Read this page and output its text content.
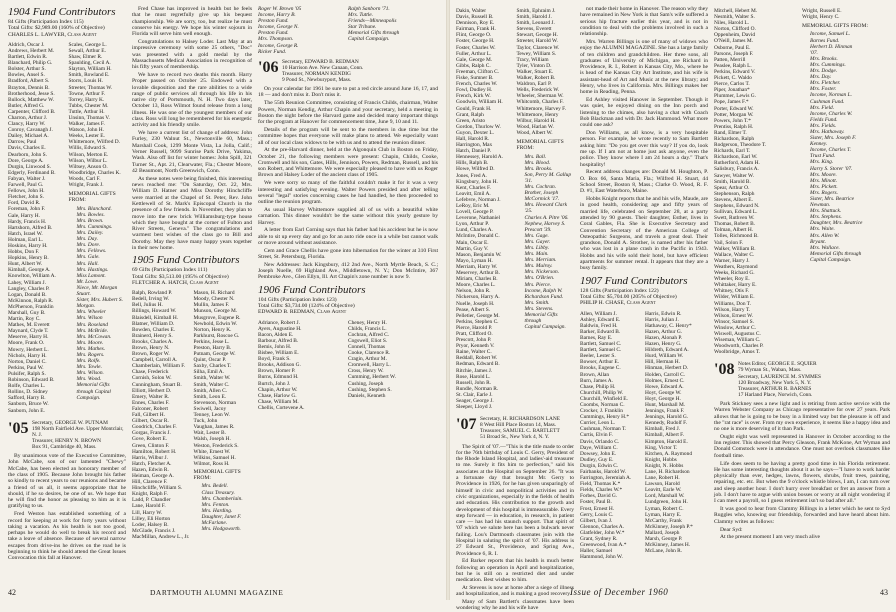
1904 Fund Contributors
84 Gifts (Participation Index 115)
Total Gifts: $2,989.00 (160% of Objective)
CHARLES L. LAWYER, Class Agent
Aldrich, Oscar J.
Andrews, Herbert M.
Bartlett, Edwin R.
Blanchard, Philip G.
Bolster, Arthur S.
Bowles, Ansel S.
Bradford, Albert S.
Brayton, Dennis B.
Brotherhood, Jesse S.
Bullock, Matthew W.
Butler, Alfred G.
Carpenter, Clifford B.
Charron, Arthur J.
Clancy, Harry W.
Conroy, Cavanagh J.
Dailey, Michael A.
Darrow, Paul
Davis, Charles E.
Dearborn, John S.
Dore, George A.
Durgin, Linwood S.
Edgerly, Ferdinand B.
Fabyan, Walter J.
Farwell, Paul G.
Fellows, John H.
Fletcher, John S.
Ford, David R.
Foreman, John F.
Gale, Harry H.
Hardy, Francis H.
Hartshorn, Alfred B.
Hatch, Israel W.
Holman, Earl L.
Hoskins, Harry H.
Hobbs, Don F.
Hopkins, Henry B.
Hunt, Albert W.
Kimball, George A.
Knowlton, William A.
Lahey, William J.
Langley, Charles P.
Logan, Donald B.
McKinnon, Ralph R.
McPherson, Franklin
Marshall, Guy B.
Martin, Roy C.
Mathes, M. Everett
Maynard, Clyde T.
Meserve, Harry H.
Moore, Frank O.
Mowry, Herbert L.
Nichols, Harry H.
Norton, Daniel C.
Perkins, Paul W.
Pulsifer, Ralph S.
Robinson, Edward B.
Rolfe, Charles L.
Rollins, D. Sidney
Safford, Harry B.
Sanborn, Bruce W.
Sanborn, John E.
Scales, George L.
Sewall, Arthur E.
Shaw, Elmer R.
Spaulding, Cecil A.
Slayton, William H.
Smith, Rowland E.
Storrs, Louis H.
Streeter, Thomas W.
Towne, Arthur F.
Torrey, Harry K.
Tubbs, Chester M.
Tuttle, Arthur H.
Unsinn, Thomas V.
Walker, James F.
Watson, John H.
Weeks, Lester E.
Whittemore, Wilfred D.
Willis, Edward S.
Wilson, Merton E.
Wilson, Wilbur L.
Wiltsey, Anson O.
Woodbridge, Charles K.
Woods, Carl F.
Wright, Frank J.
MEMORIAL GIFTS FROM:
Mrs. Blanchard.
Mrs. Bowles.
Mrs. Brown.
Mrs. Cummings.
Mrs. Dailey.
Mrs. Day.
Mrs. Dore.
Mrs. Fellows.
Mrs. Gale.
Mrs. Hall.
Mrs. Hastings.
Miss Lamont.
Mr. Lowe.
Niece, Mr. Morgan
Stuart.
Sister, Mrs. Hubert S.
Morgan.
Mrs. Wheeler
Mrs. Wilson
Mrs. Roseland
Mrs. McBride.
Mrs. McCowan.
Mrs. Moore.
Mrs. Mathes.
Mrs. Rogers.
Mrs. Rolfe.
Mrs. Towle.
Mrs. Wilson.
Mrs. Wood.
Memorial Gifts through Capital Campaign.
'05 Secretary, GEORGE W. PUTNAM
198 North Fairfield Ave. Upper Montclair, N. J.
Treasurer, HENRY N. BROWN
Box 91, Cambridge 40, Mass.

By unanimous vote of the Executive Committee, John McCabe, son of our lamented "Chewy" McCabe, has been elected an honorary member of the class of 1905. Because John brought his father so kindly to recent years to our reunions and became a friend of us all, it seems appropriate that he should, if he so desires, be one of us. We hope that he will find the honor as pleasing to him as it is gratifying to us.

Fred Weston has established something of a record for keeping at work for forty years without taking a vacation. As his health is not too good, perhaps he would do well to break his record and take a leave of absence. Because of several narrow escapes from drive-ins he drives on the road he is beginning to think he should attend the Great Issues Convocation this fall at Hanover.

Fred Chase has improved in health but he feels that he must regretfully give up his bequest championship. We are sorry, too, but realize he must conserve his energy. We hope his winter sojourn in Florida will serve him well enough.

Congratulations to Halsey Loder. Last May at an impressive ceremony with some 25 others, "Doc" was presented with a gold medal by the Massachusetts Medical Association in recognition of his fifty years of membership.

We have to record two deaths this month. Harry Proper passed on October 25. Endowed with a lovable disposition and the rare abilities to a wide range of public services all through his life in his native city of Portsmouth, N. H. Two days later, October 13, Ross Wilmot found release from a long illness. He was one of the youngest members of our class. Ross will long be remembered for his energetic activity and his friendly smile.

We have a current list of change of address: John Furley, 230 Walnut St., Newtonville 60, Mass.; Marshall Cook, 1299 Monte Vista, La Jolla, Calif.; Verner Russell, 9099 Sunrise Park Drive, Yakima, Wash. Also off list for winter homes: John Spill, 321 Turner St., Apt. 21, Clearwater, Fla.; Chester Moore, 42 Beaumont, North Greenwich, Conn.

As these notes were being finished, this interesting news reached me: "On Saturday, Oct. 22, Mrs. William D. Hatner and Miss Dorothy Hinchcliffe were married at the Chapel of St. Peter, Rev. John Kettlewell of St. Mark's Episcopal Church in the presence of a few friends. In November, they plan to move into the new brick Williamsburg-type house which they have bought at the corner of Fulton and River Streets, Geneva." The congratulations and warmest best wishes of the class go to Bill and Dorothy. May they have many happy years together in their new home.

1905 Fund Contributors
69 Gifts (Participation Index 111)
Total Gifts: $3,513.00 (195% of Objective)
FLETCHER A. HATCH, Class Agent
Balph, Rowland P.
Bedell, Irving W.
Bell, Julius H.
Billings, Howard W.
Blaisdell, Kimball H.
Blatner, William D.
Bowden, Charles E.
Brainerd, Henry S.
Brooks, Charles A.
Brown, Henry N.
Brown, Roger W.
Campbell, Carroll A.
Chamberlain, William F.
Chase, Frederick
Cornish, Solon W.
Cunningham, Stuart B.
Elliott, Herbert D.
Emery, Walter R.
Ennes, Charles F.
Falconer, Robert
Fall, Gilbert H.
Gilbert, Oscar R.
Goodrich, Charles F.
Gorgas, Francis J.
Gove, Robert E.
Green, Clinton F.
Hamilton, Robert H.
Harris, Wilbur J.
Hatch, Fletcher A.
Hazen, Edwin R.
Heiman, George A.
Hill, Clarence F.
Hinchcliffe, William S.
Knight, Ralph F.
Ladd, P. Chandler
Lane, Harold F.
Lill, Harry W.
Lilley, Eli Horton
Loder, Halsey B.
McGlade, Francis J.
MacMillan, Andrew L., Jr.
Mason, H. Richard
Moody, Chester N.
Mullin, James F.
Munson, George M.
Musgrove, Eugene R.
Newbold, Edwin W.
Norton, Henry K.
Parkhurst, Roscoe G.
Perkins, Jesse L.
Preston, Harry B.
Putnam, George W.
Quint, Oscar P.
Saxby, Charles T.
Silha, Emil A.
Smith, Walter W.
Smith, Walter C.
Smith, Allen C.
Smith, Leon E.
Stevenson, Norman
Swiwell, Jacoy
Tenney, Leon W.
Tuck, John
Vaughan, James R.
Wait, Lester B.
Walsh, Joseph H.
Weston, Frederick S.
White, Ernest W.
Wilkins, Samuel H.
Wilmot, Ross H.
MEMORIAL GIFTS FROM:
Mrs. Bedell.
Class Treasury.
Mrs. Chamberlain.
Mrs. Fenton.
Mrs. Harding.
Daughter, Janet F.
McFarlane.
Mrs. Hodgsworth.
Roger W. Brown '05
Income, Harry B.
Preston Fund.
Income, George N.
Preston Fund.
Mrs. Thompson.
Income, George R.
Ricker Fund.
Ralph Sanborn '71.
Mrs. Tuttle.
Friends—Minneapolis
Star Tribune.
Memorial Gifts through
Capital Campaign.
'06 Secretary, EDWARD B. REDMAN
10 Harrison Ave. New Canaan, Conn.
Treasurer, NORMAN KENDIG
9 Pond St., Newburyport, Mass.

On your calendar for 1961 be sure to put a red circle around June 16, 17, and 18 — and don't miss it. Don't miss it.

The 55th Reunion Committee, consisting of Francis Childs, chairman, Walter Powers, Norman Kendig, Arthur Chapin and your secretary, held a meeting in Boston the night before the Harvard game and decided many important things for the program at Hanover for commencement time, June 9, 10 and 11.

Details of the program will be sent to the members in due time but the committee hopes that everyone will make plans to attend. We especially want all of our local class widows to be with us and to attend the reunion dinner.

At the pre-Harvard dinner, held at the Algonquin Club in Boston on Friday, October 21, the following members were present: Chapin, Childs, Cooke, Cromwell and his son, Gates, Hills, Jennison, Powers, Redman, Russell, and his son Robert, and Whittemore. We were especially pleased to have with us Roger Brown and Halsey Loder of the ancient class of 1905.

We were sorry so many of the faithful couldn't make it for it was a very interesting and satisfying evening. Walter Powers presided and after telling several "legal" stories concerning cases he had handled, he then proceeded to outline the reunion program.

As usual Harvey Whittemore supplied all of us with a beautiful white carnation. This dinner wouldn't be the same without this yearly gesture by Harvey.

A letter from Earl Corning says that his father had his accident but he is now able to sit up every day and go for an auto ride once in a while but cannot walk or move around without assistance.

Cem and Grace Chellis have gone into hibernation for the winter at 310 First Street, St. Petersburg, Florida.

New Addresses: Jack Kingsbury, 412 2nd Ave., North Myrtle Beach, S. C.; Joseph Nuelle, 69 Highland Ave., Middletown, N. Y.; Don McIntire, 367 Pembroke Ave., Glen Ellyn, Ill. Art Chapin's zone number is now 9.

1906 Fund Contributors
104 Gifts (Participation Index 123)
Total Gifts: $3,734.00 (124% of Objective)
EDWARD B. REDMAN, Class Agent
Adriance, Robert J.
Ayers, Augustine H.
Bacon, Alden E.
Barbour, Alfred B.
Bemis, John H.
Bisbee, William E.
Boyd, Frank S.
Brooks, Addison G.
Brown, Homer P.
Burns, Edmund H.
Burtch, John J.
Chapin, Arthur W.
Chase, Harlow G.
Chase, William M.
Chellis, Cortevene A.
Cheney, Henry H.
Childs, Francis L.
Cochran, Alfred C.
Cogswell, Eliot S.
Connell, Thomas
Cooke, Clarence R.
Cragin, Arthur M.
Cromwell, Harry L.
Cross, Henry W.
Cumming, Herbert W.
Cushing, Joseph
Cushing, Stephen S.
Daniels, Kenneth
42	DARTMOUTH ALUMNI MAGAZINE
Dakin, Walter
Davis, Russell B.
Dennison, Roy E.
Fairman, Frank H.
Flint, George O.
Foster, George H.
Foster, Charles W.
Fuller, Arthur L.
Gale, George M.
Gibbs, Ralph C.
Freeman, Clifton C.
Fiske, Sumner B.
French, Charles W.
Fowl, Dudley H.
French, Kirk W.
Goodwin, William H.
Gould, Frank H.
Grant, Ralph
Green, Aristo
Gordon, Thurlow W.
Guyon, Dexter L.
Hall, Harold R.
Harrington, Max
Hatch, Daniel P.
Hennessey, Harold A.
Hills, Ralph B.
Howe, Wilfred D.
Jones, Fred A.
Kingsbury, John H.
Kent, Charles F.
Leavitt, Emil A.
Lefebvre, Norman J.
LeRoy, Eric M.
Lovell, George P.
Leverone, Nathaniel
Lyon, Arthur P.
Lund, Charles A.
McIntire, Donald C.
Main, Oscar E.
Martin, Guy V.
Mason, Benjamin W.
Mayo, Lyman H.
Merriam, Harry W.
Meservey, Arthur B.
Miriam, Charles B.
Moore, Charles L.
Nelson, John R.
Nickerson, Harry A.
Nuelle, Joseph H.
Pease, Albert S.
Pelletier, George M.
Perkins, Stephen C.
Pierce, Harold P.
Pratt, Clifford O.
Prescott, John P.
Pryor, Kenneth V.
Raine, Walter C.
Reddall, Robert W.
Redman, Edward B.
Ritchie, James J.
Rose, Harold L.
Russell, John R.
Rundle, Norman R.
St. Clair, Earle J.
Seager, George J.
Sleeper, Lloyd J.
Smith, Ephraim J.
Smith, Harold J.
Smith, Leonard J.
Stevens, Everett
Stewart, George H.
Streeter, Harold W.
Taylor, Clarence W.
Tewey, William S.
Tracy, William
Tyler, Vinton D.
Walker, Stuart E.
Walker, Robert B.
Waldron, Earl P.
Wells, Frederick W.
Wheeler, Sherman W.
Whitcomb, Charles F.
Whittemore, Harvey F.
Whittemore, Henry
Wilbur, Harold H.
Wood, Harlan W.
Wood, Albert W.
MEMORIAL GIFTS FROM:
Mrs. Ball.
Mrs. Blood.
Mrs. Brooks.
Son, Perry M. Gallup
'31.
Mrs. Cochran.
Brother, Joseph
McCormick '17.
Mrs. Howard Clark
'25.
Charles A. Pitre '06.
Nephew, Harvey S.
Prescott '39.
Mrs. Gage.
Mrs. Gayer.
Mrs. Libby.
Mrs. Main.
Mrs. Merriam.
Mrs. Mulroy.
Mrs. Nickerson.
Mrs. O'Brien.
Mrs. Pierce.
Income, Ralph W.
Richardson Fund.
Mrs. Smith.
Mrs. Stevens.
Memorial Gifts through
Capital Campaign.
'07 Secretary, H. RICHARDSON LANE
8 West Hill Place Boston 14, Mass.
Treasurer, SAMUEL C. BARTLETT
51 Broad St., New York 4, N. Y.

The Spirit of '07.—"This is the title made to order for the 76th birthday of Louis C. Gerry, President of the Rhode Island Hospital, and ladies'-aid treasurer to me. Surely it fits him to perfection," said his associates at the Hospital on September 26. "It was a fortunate day that brought Mr. Gerry to Providence in 1926, for he has given unsparingly of himself in civic and nonpolitical activities and in civic organizations, especially in the fields of health and education. His contribution to the growth and development of this hospital is immeasurable. Every step forward — in education, in research, in patient care — has had his staunch support. That spirit of '07 which we salute here has been a bulwark never failing. Lou's Dartmouth classmates join with the Hospital in saluting the spirit of '07. His address is 27 Edward St., Providence, and Spring Ave., Providence 6, R. I.

Ed Barker reports that his health is much better following an operation in April and hospitalization, but he is still on a restricted diet and under medication. Best wishes to him.

At Stevens is now at home after a siege of illness and hospitalization, and is making a good recovery.

Many of Sam Bartlett's classmates have been wondering why he and his wife have

not made their home in Hanover. The reason why they have remained in New York is that Sam's wife suffered a serious hip fracture earlier this year, and is not in condition to deal with the problems involved in such a relationship.

Mrs. Warren Billings is one of many of widows who enjoy the ALUMNI MAGAZINE. She has a large family of ten children and grandchildren. Her three sons, all graduates of University of Michigan, are Richard in Providence, R. I., Robert in Kansas City, Mo., where he is head of the Kansas City Art Institute, and his wife is assistant-head of Art and Music at the new library; and Henry, who lives in California. Mrs. Billings makes her home in Reading, Penna.

Ed Ashley visited Hanover in September. Though it was quiet, he enjoyed dining on the Inn porch and listening to the chimes, also having a chat with Coach Bob Blackman and with Dr. Jack Hammond. What more could one ask?

Don Williams, as all know, is a very hospitable person. For example, he wrote recently to Sam Bartlett asking him: "Do you get over this way? If you do, look me up. If I am not at home just ask anyone, even the police. They know where I am 24 hours a day." That's hospitality!

Recent address changes are: Donald M. Houghton, P. O. Box 66, Santa Maria, Fla.; Wilfred H. Stuart, 44 School Street, Boston 8, Mass.; Clarke O. Wood, R. F. D. #1, East Waterboro, Maine.

Hobbs Knight reports that he and his wife, Maude, are in good health, considering age and fifty years of married life, celebrated on September 28, at a party attended by 90 guests. Their daughter, Esther, lives in Coral Gables, Fla. She is Executive Secretary and Convention Secretary of the American College of Osteopathic Surgeons, and travels a great deal. Their grandson, Donald A. Strother, is named after his father who was lost in a plane crash in the Pacific in 1943. Hobbs and his wife sold their hotel, but have efficient apartments for summer rental. It appears that they are a busy family.

1907 Fund Contributors
128 Gifts (Participation Index 122)
Total Gifts: $5,704.00 (205% of Objective)
PHILIP H. CHASE, Class Agent
Allen, William J.
Ashley, Edward E.
Baldwin, Fred H.
Barker, Edward B.
Barnes, Ray E.
Bartlett, Samuel C.
Bartlett, Samuel C.
Beeler, Lester S.
Bowser, Arthur E.
Brooks, Eugene C.
Brown, Allan
Burn, James A.
Chase, Philip H.
Churchill, Philip W.
Churchill, Winfield E.
Coombs, Norman C.
Crocker, J. Franklin
Cummings, Henry H.*
Currier, Leon L.
Cushman, Norman T.
Curtis, Elvin F.
Davis, Orlando C.
Daye, William C.
Dowsey, John E.
Dudley, Guy E.
Durgin, Edwin C.
Fairbanks, Harold W.
Farrington, Jeremiah A.
Field, Thomas K.*
Fields, Charles W.*
Forbes, David G.
Foster, Paul B.
Frost, Ernest H.
Gerry, Louis C.
Gilbert, Ivan J.
Glennon, Charles A.
Glatfelder, John W.*
Grant, Sydney R.
Greenwood, Ivan A.*
Haller, Samuel
Hammond, John W.
Harris, Edwin R.
Harris, Julian J.
Hathaway, C. Henry*
Hazen, Arthur G.
Hazen, Alonah P.
Hazen, Henry G.
Hildreth, Edward A.
Hurd, William W.
Hill, Herman H.
Hinman, Herbert D.
Holden, Carroll C.
Holmes, Ernest C.
Howe, Edward A.
Hoyt, George W.
Hoyt, George H.
Hunt, Marshall M.
Jennings, Frank F.
Jennings, Harold G.
Kennedy, Rudolf F.
Kimball, Fred J.
Kimball, Albert F.
Kimpton, Harold E.
King, Victor T.
Kitchen, A. Raymond
Knight, Hobbs
Knight, N. Hobbs
Lane, H. Richardson
Lane, Robert H.
Lawson, Harold
Leavitt, Earle W.
Lord, Marshall W.
Lundgreen, John H.
Lyman, Robert C.
Lyman, Harry E.
McCarthy, Frank
McKinney, Joseph P.*
Mallard, Joseph
Marsh, George P.
McKinney, James H.
McLane, John R.
Mitchell, Hebert M.
Nesmith, Walter S.
Niles, Harold L.
Norton, Clifford O.
Oppenheim, David
O'Neill, James M.
Osborne, Paul E.
Parsons, Joseph F.
Patten, Merrill
Peaslee, Ralph L.
Perkins, Edward V.
Pickett, C. Waldo
Pierce, Carlos T.
Piper, Jonathan*
Plummer, Lewis G.
Pope, James F.*
Porter, Edward W.
Potter, Morgan W.
Powers, John T.*
Prentiss, Ralph H.
Rand, Elmer T.
Richardson, Ralph
Rodgerson, Theodore T.
Richards, Earl T.
Richardson, Earl W.
Rutherford, Adam H.
Salisbury, Francis A.
Sawyer, Walter W.
Smith, Harold B.
Spear, Arthur O.
Stephenson, Ralph
Stevens, Albert E.
Stephens, Edward N.
Sullivan, Edward L.
Swett, Ruthven W.
Thomas, Robert B.
Tolman, Albert H.
Tolles, Richmond B.
Vail, Solon F.
Walker, William B.
Wallace, Walter C.
Warner, Harry J.
Weathers, Raymond
Weeks, Richard G.
Wheeler, Roy E.
Whittaker, Harry E.
Whitney, Otis F.
Wilder, William E.
Williams, Don T.
Wilson, Harry T.
Wilson, Ernest W.
Winsor, Samuel S.
Winslow, Arthur C.
Wiswell, Augustus C.
Wiseman, William C.
Woodworth, Charles P.
Woolbridge, Amos T.
Wright, Russell E.
Wright, Henry C.
MEMORIAL GIFTS FROM:
Income, Samuel L.
Barnes Fund.
Herbert D. Hinman
'07.
Mrs. Brooks.
Mrs. Cummings.
Mrs. Dodge.
Mrs. Day.
Mrs. Fletcher.
Mrs. Foster.
Income, Norman L.
Cushman Fund.
Mrs. Field.
Income, Charles W.
Fields Fund.
Mrs. Fields.
Mrs. Hathaway.
Sister, Mrs. Joseph F.
Kenney.
Income, Charles T.
Trust Fund.
Mrs. King.
Harry S. Storer '07.
Mrs. Moore.
Mrs. Minott.
Mrs. Pickett.
Mrs. Rogers.
Sister, Mrs. Beatrice
Newman.
Mrs. Shattuck.
Mrs. Stephens.
Daughter, Mrs. Beatrice
Mrs. Waite.
Mrs. Allen W.
Bryant.
Mrs. Wallace.
Memorial Gifts through
Capital Campaign.
'08 Notes Editor, GEORGE E. SQUIER
79 Wyman St., Waban, Mass.
Secretary, LAURENCE M. SYMMES
120 Broadway, New York 5, N. Y.
Treasurer, ARTHUR R. BARNES
17 Harland Place, Norwich, Conn.

Park Stickney sees a new light and is retiring from active service with the Warren Webster Company as Chicago representative for over 27 years. Park allows that he is going to be busy in a limited way but the pleasure is off and the "rat race" is over. From my own experience, it seems like a happy idea and no one is more deserving of it than Park.

Ought eight was well represented in Hanover in October according to the Inn register. This showed that Percy Gleason, Frank McKone, Art Wyman and Donald Comstock were in attendance. One must not overlook classmates like football time.

Life does seem to be having a pretty good time in his Florida retirement. He has some interesting thoughts about it as he says—"I have to work harder physically than ever, hedges, lawns, flowers, shrubs, fruit trees, painting, repairing, etc. etc. But when the 9 o'clock whistle blows, I am, I can turn over and sleep another hour. I don't hurry over breakfast or fret an answer from a job. I don't have to argue with union bosses or worry at all night wondering if I can meet a payroll, so I guess retirement isn't so bad after all."

It was good to hear from Clammy Billings in a letter which he sent to Syd Ruggles who, knowing our friendship, forwarded and have heard about him. Clammy writes as follows:

Dear Syd:

At the present moment I am very much alive

Issue of December 1960	43
